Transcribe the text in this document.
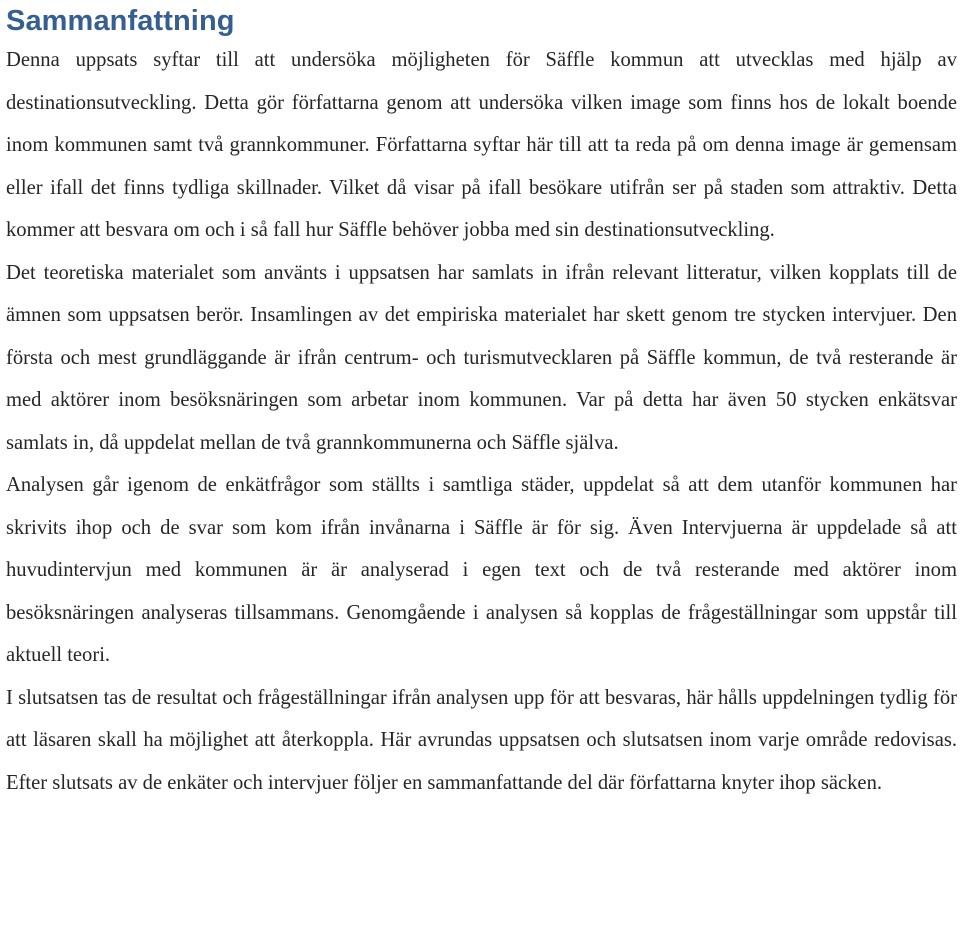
Sammanfattning

Denna uppsats syftar till att undersöka möjligheten för Säffle kommun att utvecklas med hjälp av destinationsutveckling. Detta gör författarna genom att undersöka vilken image som finns hos de lokalt boende inom kommunen samt två grannkommuner. Författarna syftar här till att ta reda på om denna image är gemensam eller ifall det finns tydliga skillnader. Vilket då visar på ifall besökare utifrån ser på staden som attraktiv. Detta kommer att besvara om och i så fall hur Säffle behöver jobba med sin destinationsutveckling.

Det teoretiska materialet som använts i uppsatsen har samlats in ifrån relevant litteratur, vilken kopplats till de ämnen som uppsatsen berör. Insamlingen av det empiriska materialet har skett genom tre stycken intervjuer. Den första och mest grundläggande är ifrån centrum- och turismutvecklaren på Säffle kommun, de två resterande är med aktörer inom besöksnäringen som arbetar inom kommunen. Var på detta har även 50 stycken enkätsvar samlats in, då uppdelat mellan de två grannkommunerna och Säffle själva.

Analysen går igenom de enkätfrågor som ställts i samtliga städer, uppdelat så att dem utanför kommunen har skrivits ihop och de svar som kom ifrån invånarna i Säffle är för sig. Även Intervjuerna är uppdelade så att huvudintervjun med kommunen är är analyserad i egen text och de två resterande med aktörer inom besöksnäringen analyseras tillsammans. Genomgående i analysen så kopplas de frågeställningar som uppstår till aktuell teori.

I slutsatsen tas de resultat och frågeställningar ifrån analysen upp för att besvaras, här hålls uppdelningen tydlig för att läsaren skall ha möjlighet att återkoppla. Här avrundas uppsatsen och slutsatsen inom varje område redovisas. Efter slutsats av de enkäter och intervjuer följer en sammanfattande del där författarna knyter ihop säcken.
